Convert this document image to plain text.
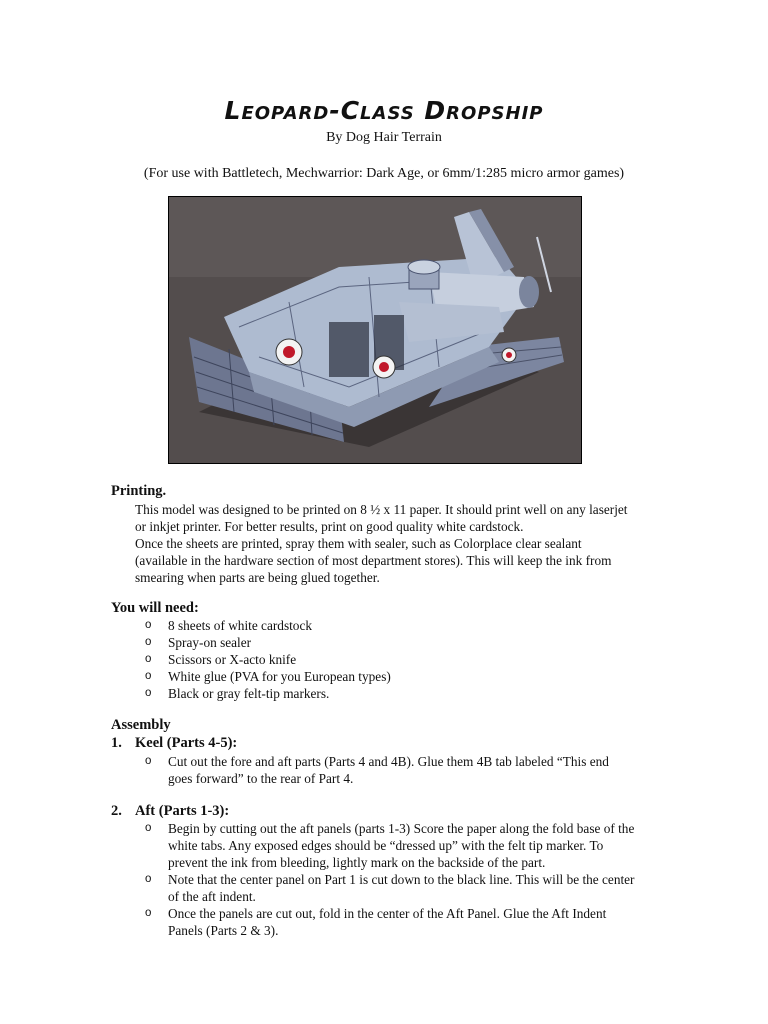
Leopard-Class Dropship
By Dog Hair Terrain
(For use with Battletech, Mechwarrior: Dark Age, or 6mm/1:285 micro armor games)
Printing.
This model was designed to be printed on 8 ½ x 11 paper. It should print well on any laserjet
or inkjet printer. For better results, print on good quality white cardstock.
Once the sheets are printed, spray them with sealer, such as Colorplace clear sealant
(available in the hardware section of most department stores). This will keep the ink from
smearing when parts are being glued together.
You will need:
o 8 sheets of white cardstock
o Spray-on sealer
o Scissors or X-acto knife
o White glue (PVA for you European types)
o Black or gray felt-tip markers.
Assembly
1. Keel (Parts 4-5):
o Cut out the fore and aft parts (Parts 4 and 4B). Glue them 4B tab labeled “This end
goes forward” to the rear of Part 4.
2. Aft (Parts 1-3):
o Begin by cutting out the aft panels (parts 1-3) Score the paper along the fold base of the
white tabs. Any exposed edges should be “dressed up” with the felt tip marker. To
prevent the ink from bleeding, lightly mark on the backside of the part.
o Note that the center panel on Part 1 is cut down to the black line. This will be the center
of the aft indent.
o Once the panels are cut out, fold in the center of the Aft Panel. Glue the Aft Indent
Panels (Parts 2 & 3).
